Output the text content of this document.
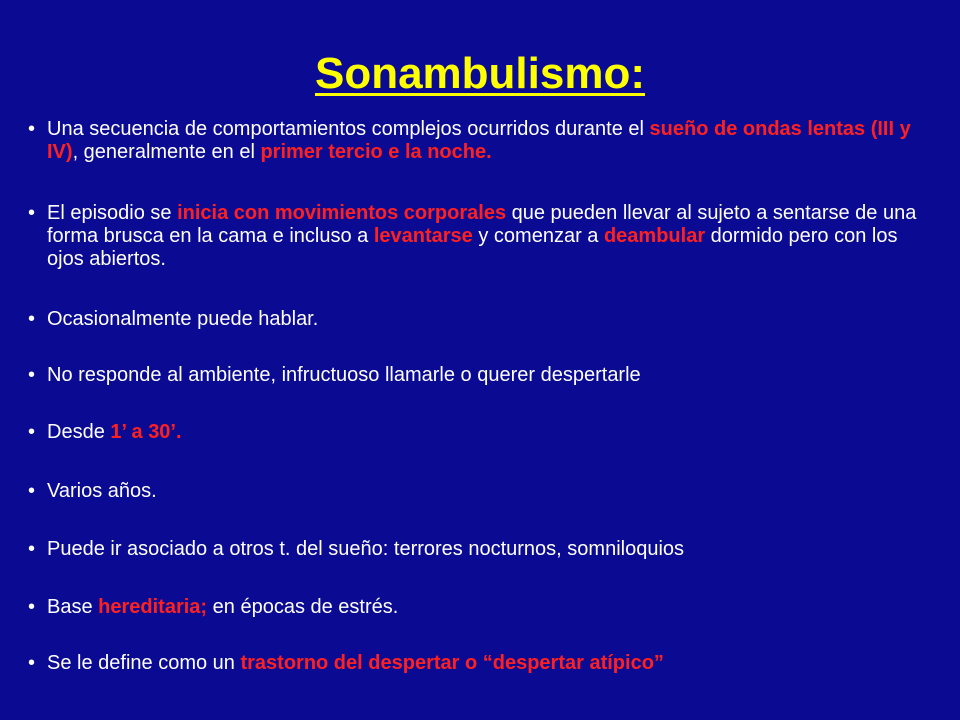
Sonambulismo:
• Una secuencia de comportamientos complejos ocurridos durante el sueño de ondas lentas (III y IV), generalmente en el primer tercio e la noche.
• El episodio se inicia con movimientos corporales que pueden llevar al sujeto a sentarse de una forma brusca en la cama e incluso a levantarse y comenzar a deambular dormido pero con los ojos abiertos.
• Ocasionalmente puede hablar.
• No responde al ambiente, infructuoso llamarle o querer despertarle
• Desde 1’ a 30’.
• Varios años.
• Puede ir asociado a otros t. del sueño: terrores nocturnos, somniloquios
• Base hereditaria; en épocas de estrés.
• Se le define como un trastorno del despertar o “despertar atípico”
